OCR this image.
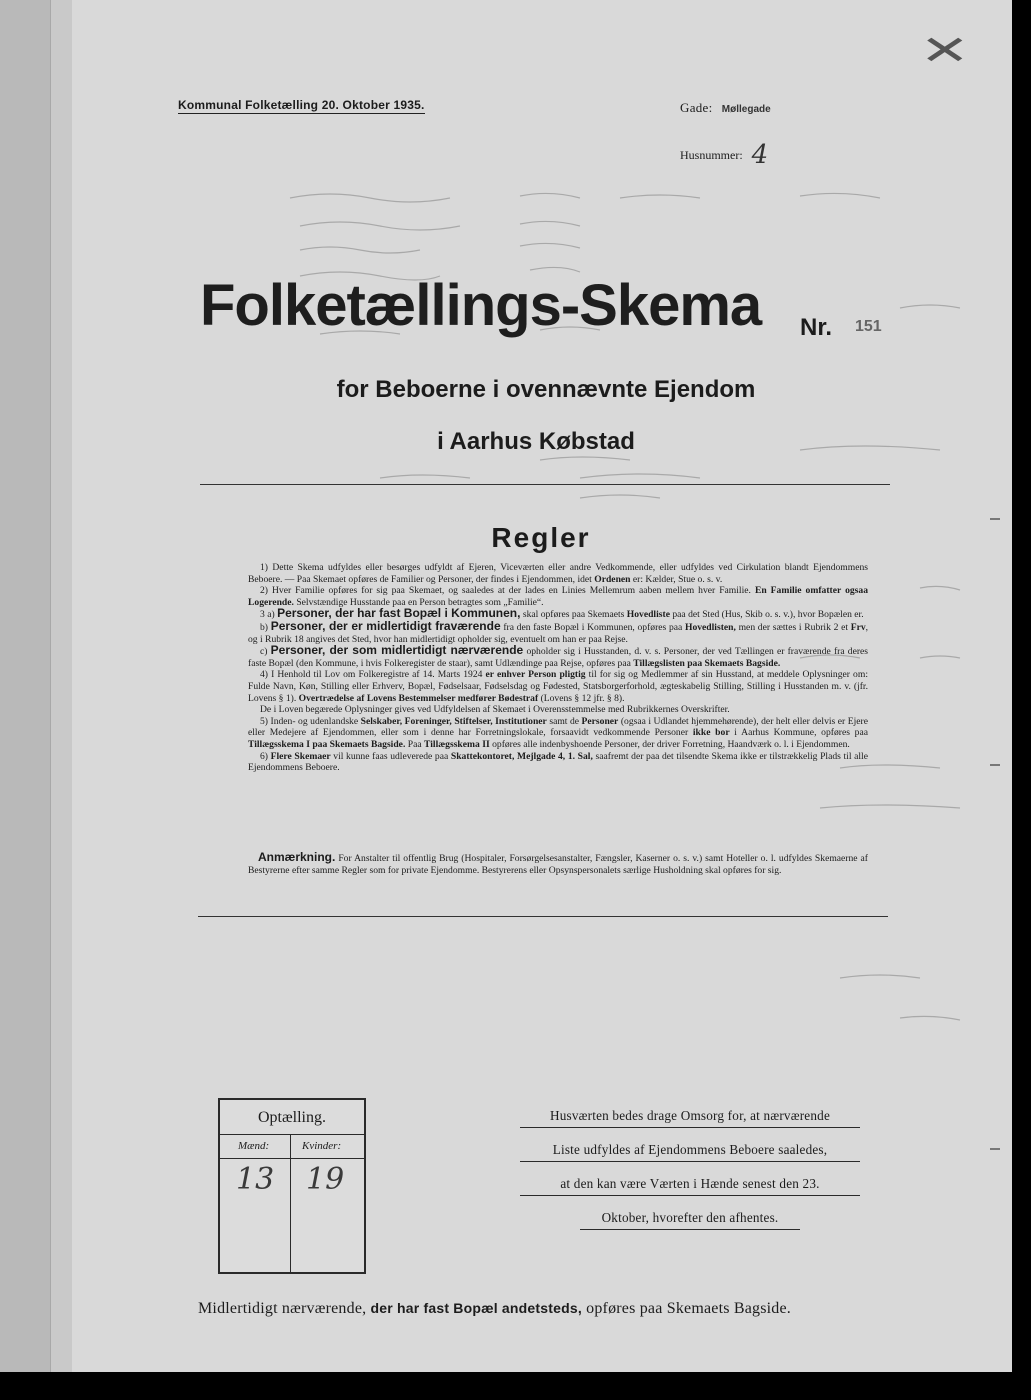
✕
Kommunal Folketælling 20. Oktober 1935.	Gade: Møllegade
Husnummer: 4
Folketællings-Skema Nr. 151
for Beboerne i ovennævnte Ejendom
i Aarhus Købstad
Regler

1) Dette Skema udfyldes eller besørges udfyldt af Ejeren, Viceværten eller andre Vedkommende, eller udfyldes ved Cirkulation blandt Ejendommens Beboere. — Paa Skemaet opføres de Familier og Personer, der findes i Ejendommen, idet Ordenen er: Kælder, Stue o. s. v.

2) Hver Familie opføres for sig paa Skemaet, og saaledes at der lades en Linies Mellemrum aaben mellem hver Familie. En Familie omfatter ogsaa Logerende. Selvstændige Husstande paa en Person betragtes som „Familie“.

3 a) Personer, der har fast Bopæl i Kommunen, skal opføres paa Skemaets Hovedliste paa det Sted (Hus, Skib o. s. v.), hvor Bopælen er.

b) Personer, der er midlertidigt fraværende fra den faste Bopæl i Kommunen, opføres paa Hovedlisten, men der sættes i Rubrik 2 et Frv, og i Rubrik 18 angives det Sted, hvor han midlertidigt opholder sig, eventuelt om han er paa Rejse.

c) Personer, der som midlertidigt nærværende opholder sig i Husstanden, d. v. s. Personer, der ved Tællingen er fraværende fra deres faste Bopæl (den Kommune, i hvis Folkeregister de staar), samt Udlændinge paa Rejse, opføres paa Tillægslisten paa Skemaets Bagside.

4) I Henhold til Lov om Folkeregistre af 14. Marts 1924 er enhver Person pligtig til for sig og Medlemmer af sin Husstand, at meddele Oplysninger om: Fulde Navn, Køn, Stilling eller Erhverv, Bopæl, Fødselsaar, Fødselsdag og Fødested, Statsborgerforhold, ægteskabelig Stilling, Stilling i Husstanden m. v. (jfr. Lovens § 1). Overtrædelse af Lovens Bestemmelser medfører Bødestraf (Lovens § 12 jfr. § 8).

De i Loven begærede Oplysninger gives ved Udfyldelsen af Skemaet i Overensstemmelse med Rubrikkernes Overskrifter.

5) Inden- og udenlandske Selskaber, Foreninger, Stiftelser, Institutioner samt de Personer (ogsaa i Udlandet hjemmehørende), der helt eller delvis er Ejere eller Medejere af Ejendommen, eller som i denne har Forretningslokale, forsaavidt vedkommende Personer ikke bor i Aarhus Kommune, opføres paa Tillægsskema I paa Skemaets Bagside. Paa Tillægsskema II opføres alle indenbyshoende Personer, der driver Forretning, Haandværk o. l. i Ejendommen.

6) Flere Skemaer vil kunne faas udleverede paa Skattekontoret, Mejlgade 4, 1. Sal, saafremt der paa det tilsendte Skema ikke er tilstrækkelig Plads til alle Ejendommens Beboere.

Anmærkning. For Anstalter til offentlig Brug (Hospitaler, Forsørgelsesanstalter, Fængsler, Kaserner o. s. v.) samt Hoteller o. l. udfyldes Skemaerne af Bestyrerne efter samme Regler som for private Ejendomme. Bestyrerens eller Opsynspersonalets særlige Husholdning skal opføres for sig.
Optælling.
Mænd:	Kvinder:
13 19
Husværten bedes drage Omsorg for, at nærværende
Liste udfyldes af Ejendommens Beboere saaledes,
at den kan være Værten i Hænde senest den 23.
Oktober, hvorefter den afhentes.
Midlertidigt nærværende, der har fast Bopæl andetsteds, opføres paa Skemaets Bagside.
